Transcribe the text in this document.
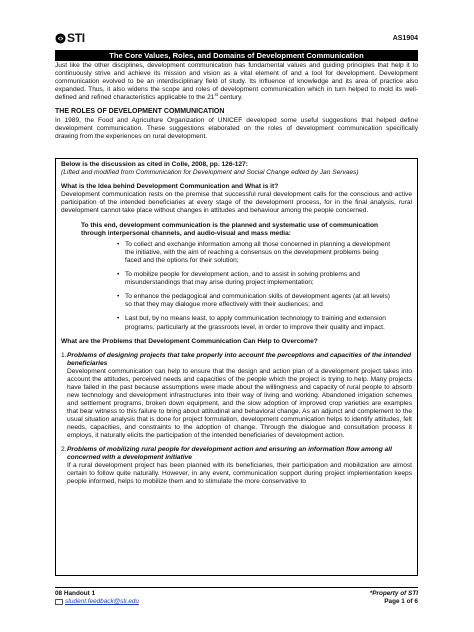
STI	AS1904
The Core Values, Roles, and Domains of Development Communication

Just like the other disciplines, development communication has fundamental values and guiding principles that help it to continuously strive and achieve its mission and vision as a vital element of and a tool for development. Development communication evolved to be an interdisciplinary field of study. Its influence of knowledge and its area of practice also expanded. Thus, it also widens the scope and roles of development communication which in turn helped to mold its well-defined and refined characteristics applicable to the 21st century.

THE ROLES OF DEVELOPMENT COMMUNICATION

In 1989, the Food and Agriculture Organization of UNICEF developed some useful suggestions that helped define development communication. These suggestions elaborated on the roles of development communication specifically drawing from the experiences on rural development.

Below is the discussion as cited in Colle, 2008, pp. 126-127:
(Lifted and modified from Communication for Development and Social Change edited by Jan Servaes)
What is the Idea behind Development Communication and What is it?

Development communication rests on the premise that successful rural development calls for the conscious and active participation of the intended beneficiaries at every stage of the development process, for in the final analysis, rural development cannot take place without changes in attitudes and behaviour among the people concerned.

To this end, development communication is the planned and systematic use of communication through interpersonal channels, and audio-visual and mass media:
• To collect and exchange information among all those concerned in planning a development the initiative, with the aim of reaching a consensus on the development problems being faced and the options for their solution;
• To mobilize people for development action, and to assist in solving problems and misunderstandings that may arise during project implementation;
• To enhance the pedagogical and communication skills of development agents (at all levels) so that they may dialogue more effectively with their audiences; and
• Last but, by no means least, to apply communication technology to training and extension programs, particularly at the grassroots level, in order to improve their quality and impact.
What are the Problems that Development Communication Can Help to Overcome?
1. Problems of designing projects that take properly into account the perceptions and capacities of the intended beneficiaries

Development communication can help to ensure that the design and action plan of a development project takes into account the attitudes, perceived needs and capacities of the people which the project is trying to help. Many projects have failed in the past because assumptions were made about the willingness and capacity of rural people to absorb new technology and development infrastructures into their way of living and working. Abandoned irrigation schemes and settlement programs, broken down equipment, and the slow adoption of improved crop varieties are examples that bear witness to this failure to bring about attitudinal and behavioral change. As an adjunct and complement to the usual situation analysis that is done for project formulation, development communication helps to identify attitudes, felt needs, capacities, and constraints to the adoption of change. Through the dialogue and consultation process it employs, it naturally elicits the participation of the intended beneficiaries of development action.

2. Problems of mobilizing rural people for development action and ensuring an information flow among all concerned with a development initiative

If a rural development project has been planned with its beneficiaries, their participation and mobilization are almost certain to follow quite naturally. However, in any event, communication support during project implementation keeps people informed, helps to mobilize them and to stimulate the more conservative to

08 Handout 1
student.feedback@sti.edu
*Property of STI
Page 1 of 6
